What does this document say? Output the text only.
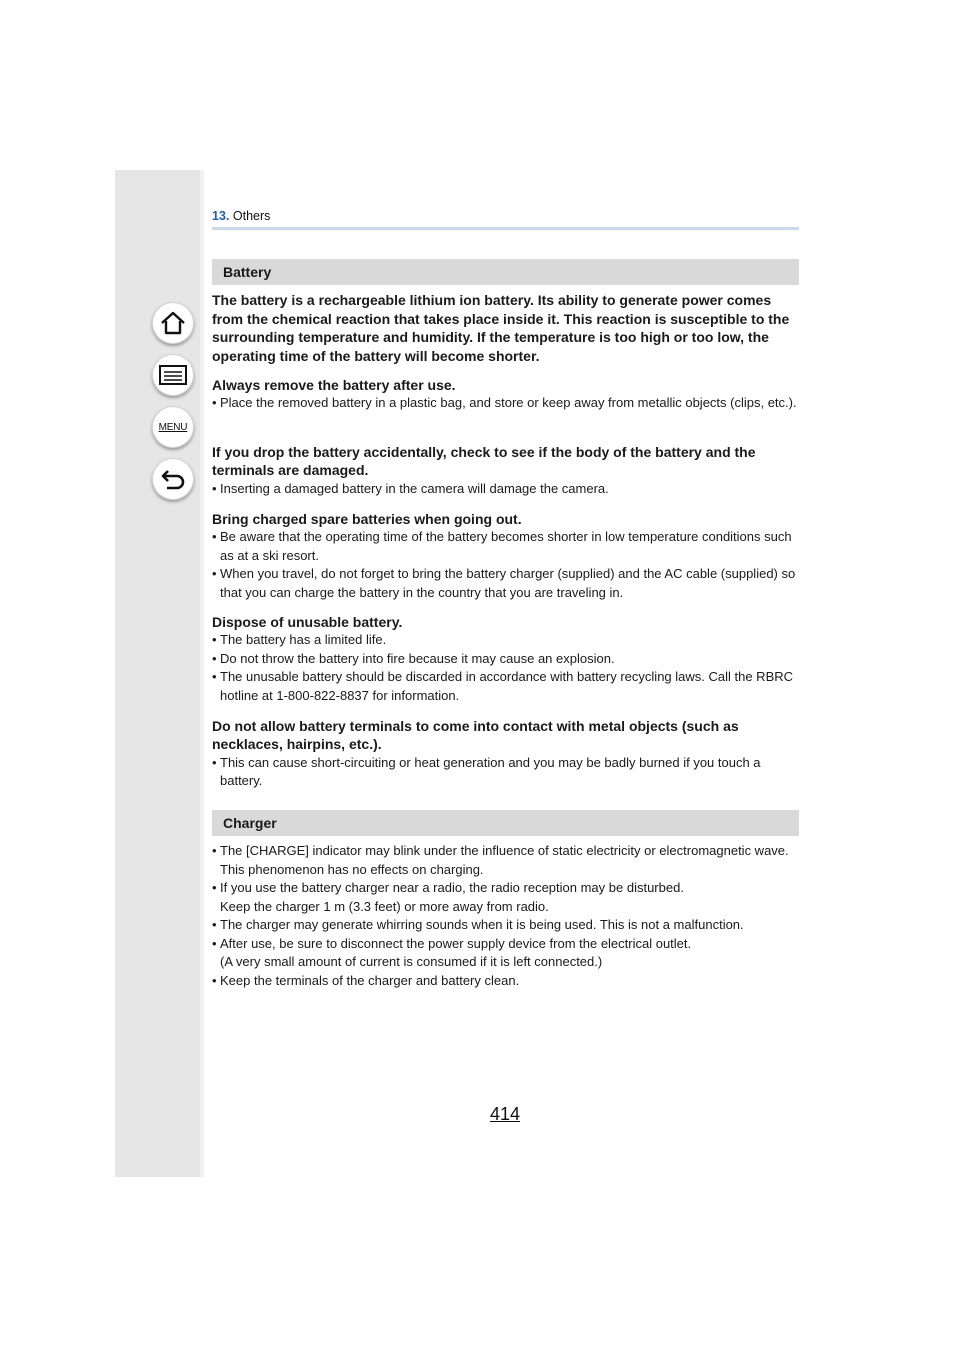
MENU
13. Others
Battery
The battery is a rechargeable lithium ion battery. Its ability to generate power comes from the chemical reaction that takes place inside it. This reaction is susceptible to the surrounding temperature and humidity. If the temperature is too high or too low, the operating time of the battery will become shorter.

Always remove the battery after use.

• Place the removed battery in a plastic bag, and store or keep away from metallic objects (clips, etc.).

If you drop the battery accidentally, check to see if the body of the battery and the terminals are damaged.

• Inserting a damaged battery in the camera will damage the camera.

Bring charged spare batteries when going out.

• Be aware that the operating time of the battery becomes shorter in low temperature conditions such as at a ski resort.

• When you travel, do not forget to bring the battery charger (supplied) and the AC cable (supplied) so that you can charge the battery in the country that you are traveling in.

Dispose of unusable battery.

• The battery has a limited life.

• Do not throw the battery into fire because it may cause an explosion.

• The unusable battery should be discarded in accordance with battery recycling laws. Call the RBRC hotline at 1-800-822-8837 for information.

Do not allow battery terminals to come into contact with metal objects (such as necklaces, hairpins, etc.).

• This can cause short-circuiting or heat generation and you may be badly burned if you touch a battery.

Charger

• The [CHARGE] indicator may blink under the influence of static electricity or electromagnetic wave. This phenomenon has no effects on charging.

• If you use the battery charger near a radio, the radio reception may be disturbed.

Keep the charger 1 m (3.3 feet) or more away from radio.

• The charger may generate whirring sounds when it is being used. This is not a malfunction.

• After use, be sure to disconnect the power supply device from the electrical outlet.

(A very small amount of current is consumed if it is left connected.)

• Keep the terminals of the charger and battery clean.

414
